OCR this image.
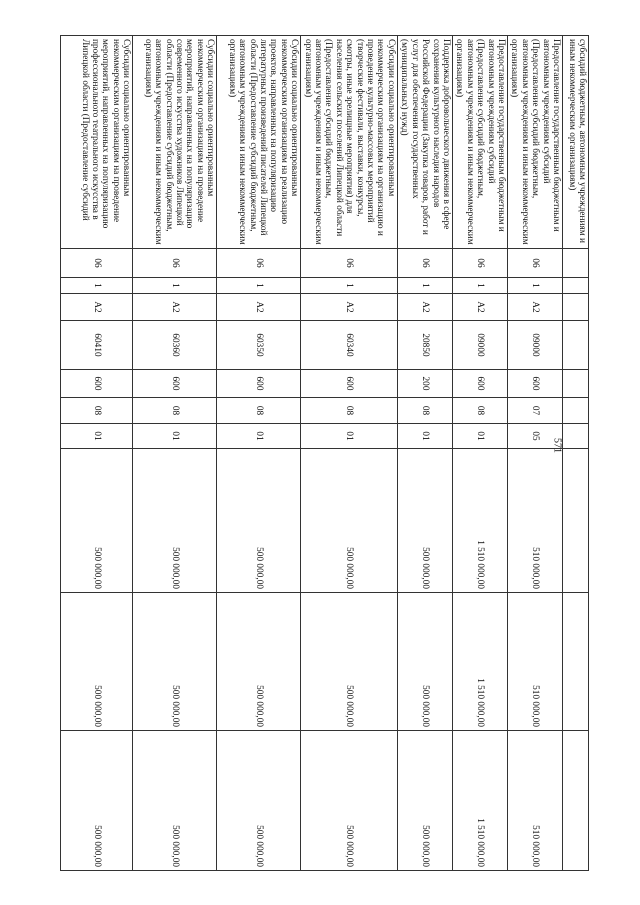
571
субсидий бюджетным, автономным учреждениям и иным некоммерческим организациям)										
Предоставление государственным бюджетным и автономным учреждениям субсидий (Предоставление субсидий бюджетным, автономным учреждениям и иным некоммерческим организациям)	06	1	A2	09000	600	07	05	510 000,00	510 000,00	510 000,00
Предоставление государственным бюджетным и автономным учреждениям субсидий (Предоставление субсидий бюджетным, автономным учреждениям и иным некоммерческим организациям)	06	1	A2	09000	600	08	01	1 510 000,00	1 510 000,00	1 510 000,00
Поддержка добровольческого движения в сфере сохранения культурного наследия народов Российской Федерации (Закупка товаров, работ и услуг для обеспечения государственных (муниципальных) нужд)	06	1	A2	20850	200	08	01	500 000,00	500 000,00	500 000,00
Субсидии социально ориентированным некоммерческим организациям на организацию и проведение культурно-массовых мероприятий (творческие фестивали, выставки, конкурсы, смотры, иные зрелищные мероприятия) для населения сельских поселений Липецкой области (Предоставление субсидий бюджетным, автономным учреждениям и иным некоммерческим организациям)	06	1	A2	60340	600	08	01	500 000,00	500 000,00	500 000,00
Субсидии социально ориентированным некоммерческим организациям на реализацию проектов, направленных на популяризацию литературных произведений писателей Липецкой области (Предоставление субсидий бюджетным, автономным учреждениям и иным некоммерческим организациям)	06	1	A2	60350	600	08	01	500 000,00	500 000,00	500 000,00
Субсидии социально ориентированным некоммерческим организациям на проведение мероприятий, направленных на популяризацию современного искусства художников Липецкой области (Предоставление субсидий бюджетным, автономным учреждениям и иным некоммерческим организациям)	06	1	A2	60360	600	08	01	500 000,00	500 000,00	500 000,00
Субсидии социально ориентированным некоммерческим организациям на проведение мероприятий, направленных на популяризацию профессионального театрального искусства в Липецкой области (Предоставление субсидий	06	1	A2	60410	600	08	01	500 000,00	500 000,00	500 000,00
